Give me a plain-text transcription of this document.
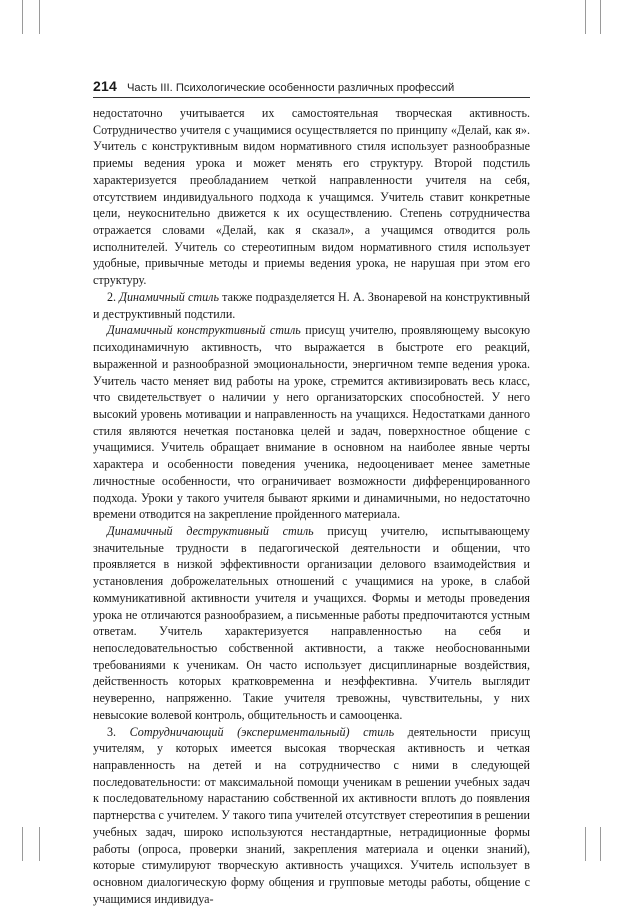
214 Часть III. Психологические особенности различных профессий

недостаточно учитывается их самостоятельная творческая активность. Сотрудничество учителя с учащимися осуществляется по принципу «Делай, как я». Учитель с конструктивным видом нормативного стиля использует разнообразные приемы ведения урока и может менять его структуру. Второй подстиль характеризуется преобладанием четкой направленности учителя на себя, отсутствием индивидуального подхода к учащимся. Учитель ставит конкретные цели, неукоснительно движется к их осуществлению. Степень сотрудничества отражается словами «Делай, как я сказал», а учащимся отводится роль исполнителей. Учитель со стереотипным видом нормативного стиля использует удобные, привычные методы и приемы ведения урока, не нарушая при этом его структуру.

2. Динамичный стиль также подразделяется Н. А. Звонаревой на конструктивный и деструктивный подстили.

Динамичный конструктивный стиль присущ учителю, проявляющему высокую психодинамичную активность, что выражается в быстроте его реакций, выраженной и разнообразной эмоциональности, энергичном темпе ведения урока. Учитель часто меняет вид работы на уроке, стремится активизировать весь класс, что свидетельствует о наличии у него организаторских способностей. У него высокий уровень мотивации и направленность на учащихся. Недостатками данного стиля являются нечеткая постановка целей и задач, поверхностное общение с учащимися. Учитель обращает внимание в основном на наиболее явные черты характера и особенности поведения ученика, недооценивает менее заметные личностные особенности, что ограничивает возможности дифференцированного подхода. Уроки у такого учителя бывают яркими и динамичными, но недостаточно времени отводится на закрепление пройденного материала.

Динамичный деструктивный стиль присущ учителю, испытывающему значительные трудности в педагогической деятельности и общении, что проявляется в низкой эффективности организации делового взаимодействия и установления доброжелательных отношений с учащимися на уроке, в слабой коммуникативной активности учителя и учащихся. Формы и методы проведения урока не отличаются разнообразием, а письменные работы предпочитаются устным ответам. Учитель характеризуется направленностью на себя и непоследовательностью собственной активности, а также необоснованными требованиями к ученикам. Он часто использует дисциплинарные воздействия, действенность которых кратковременна и неэффективна. Учитель выглядит неуверенно, напряженно. Такие учителя тревожны, чувствительны, у них невысокие волевой контроль, общительность и самооценка.

3. Сотрудничающий (экспериментальный) стиль деятельности присущ учителям, у которых имеется высокая творческая активность и четкая направленность на детей и на сотрудничество с ними в следующей последовательности: от максимальной помощи ученикам в решении учебных задач к последовательному нарастанию собственной их активности вплоть до появления партнерства с учителем. У такого типа учителей отсутствует стереотипия в решении учебных задач, широко используются нестандартные, нетрадиционные формы работы (опроса, проверки знаний, закрепления материала и оценки знаний), которые стимулируют творческую активность учащихся. Учитель использует в основном диалогическую форму общения и групповые методы работы, общение с учащимися индивидуа-
